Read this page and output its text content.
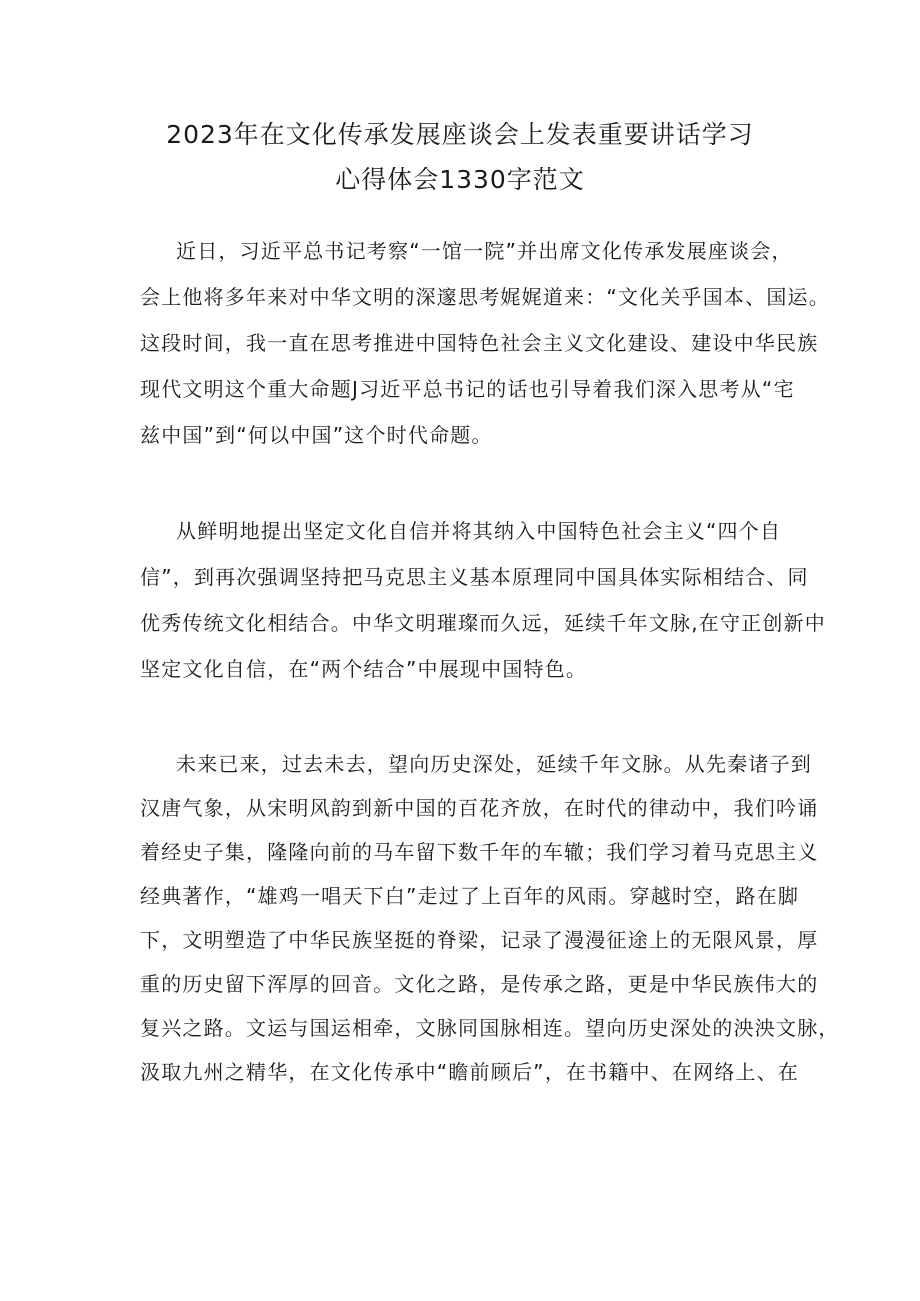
2023年在文化传承发展座谈会上发表重要讲话学习
心得体会1330字范文
近日，习近平总书记考察“一馆一院”并出席文化传承发展座谈会，
会上他将多年来对中华文明的深邃思考娓娓道来：“文化关乎国本、国运。
这段时间，我一直在思考推进中国特色社会主义文化建设、建设中华民族
现代文明这个重大命题J习近平总书记的话也引导着我们深入思考从“宅
兹中国”到“何以中国”这个时代命题。
从鲜明地提出坚定文化自信并将其纳入中国特色社会主义“四个自
信”，到再次强调坚持把马克思主义基本原理同中国具体实际相结合、同
优秀传统文化相结合。中华文明璀璨而久远，延续千年文脉,在守正创新中
坚定文化自信，在“两个结合”中展现中国特色。
未来已来，过去未去，望向历史深处，延续千年文脉。从先秦诸子到
汉唐气象，从宋明风韵到新中国的百花齐放，在时代的律动中，我们吟诵
着经史子集，隆隆向前的马车留下数千年的车辙；我们学习着马克思主义
经典著作，“雄鸡一唱天下白”走过了上百年的风雨。穿越时空，路在脚
下，文明塑造了中华民族坚挺的脊梁，记录了漫漫征途上的无限风景，厚
重的历史留下浑厚的回音。文化之路，是传承之路，更是中华民族伟大的
复兴之路。文运与国运相牵，文脉同国脉相连。望向历史深处的泱泱文脉，
汲取九州之精华，在文化传承中“瞻前顾后”，在书籍中、在网络上、在
